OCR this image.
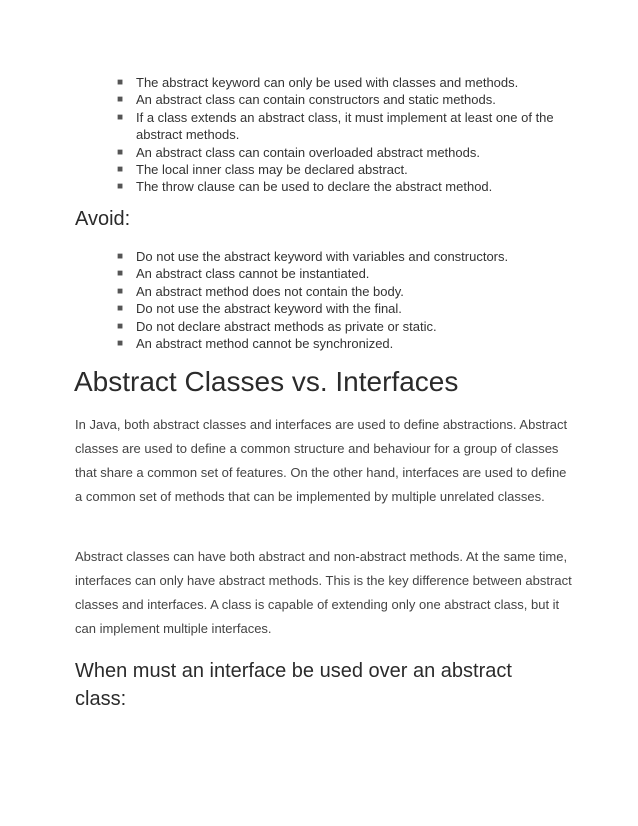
■ The abstract keyword can only be used with classes and methods.
■ An abstract class can contain constructors and static methods.
■ If a class extends an abstract class, it must implement at least one of the abstract methods.
■ An abstract class can contain overloaded abstract methods.
■ The local inner class may be declared abstract.
■ The throw clause can be used to declare the abstract method.
Avoid:
■ Do not use the abstract keyword with variables and constructors.
■ An abstract class cannot be instantiated.
■ An abstract method does not contain the body.
■ Do not use the abstract keyword with the final.
■ Do not declare abstract methods as private or static.
■ An abstract method cannot be synchronized.
Abstract Classes vs. Interfaces

In Java, both abstract classes and interfaces are used to define abstractions. Abstract classes are used to define a common structure and behaviour for a group of classes that share a common set of features. On the other hand, interfaces are used to define a common set of methods that can be implemented by multiple unrelated classes.

Abstract classes can have both abstract and non-abstract methods. At the same time, interfaces can only have abstract methods. This is the key difference between abstract classes and interfaces. A class is capable of extending only one abstract class, but it can implement multiple interfaces.

When must an interface be used over an abstract class:
